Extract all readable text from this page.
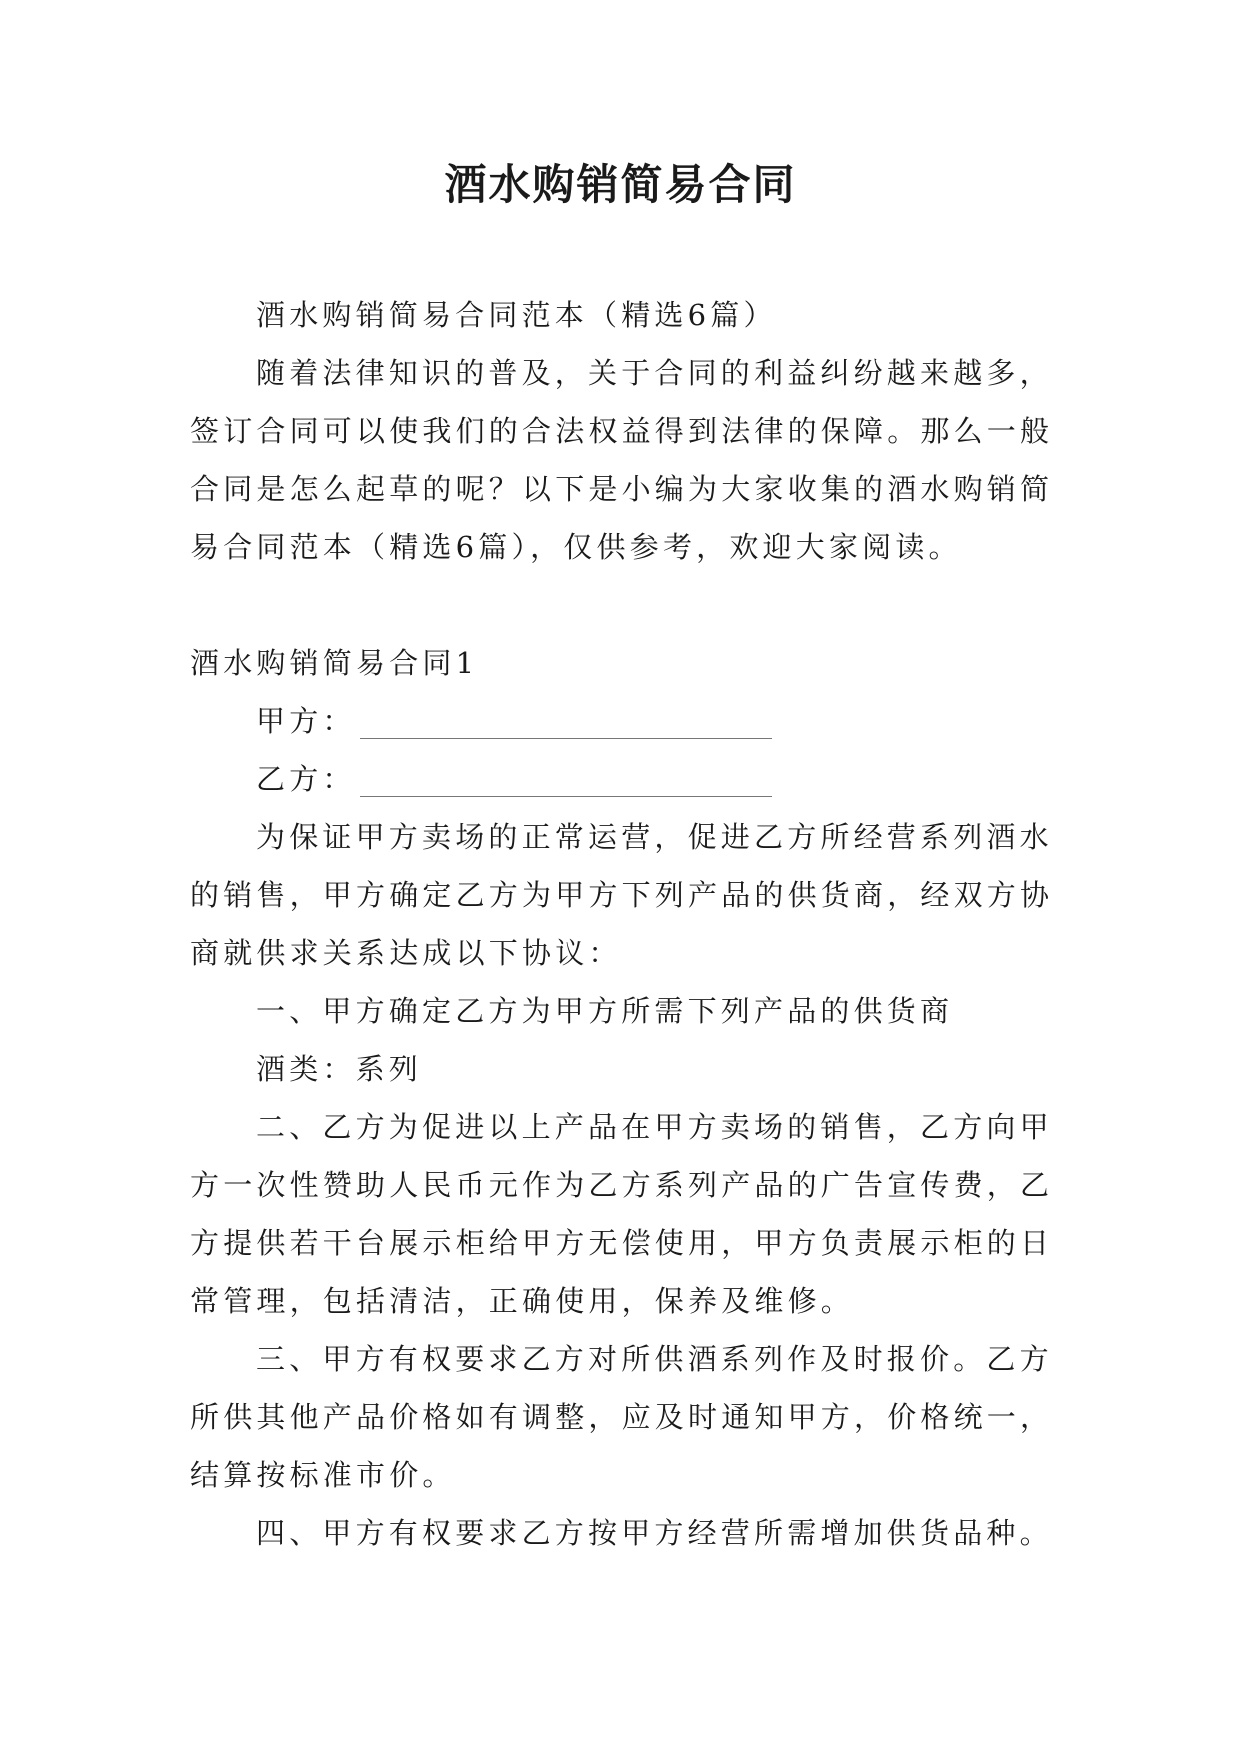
酒水购销简易合同

酒水购销简易合同范本（精选6篇）

随着法律知识的普及，关于合同的利益纠纷越来越多，签订合同可以使我们的合法权益得到法律的保障。那么一般合同是怎么起草的呢？以下是小编为大家收集的酒水购销简易合同范本（精选6篇），仅供参考，欢迎大家阅读。

酒水购销简易合同1

甲方：

乙方：

为保证甲方卖场的正常运营，促进乙方所经营系列酒水的销售，甲方确定乙方为甲方下列产品的供货商，经双方协商就供求关系达成以下协议：

一、甲方确定乙方为甲方所需下列产品的供货商

酒类：系列

二、乙方为促进以上产品在甲方卖场的销售，乙方向甲方一次性赞助人民币元作为乙方系列产品的广告宣传费，乙方提供若干台展示柜给甲方无偿使用，甲方负责展示柜的日常管理，包括清洁，正确使用，保养及维修。

三、甲方有权要求乙方对所供酒系列作及时报价。乙方所供其他产品价格如有调整，应及时通知甲方，价格统一，结算按标准市价。

四、甲方有权要求乙方按甲方经营所需增加供货品种。
